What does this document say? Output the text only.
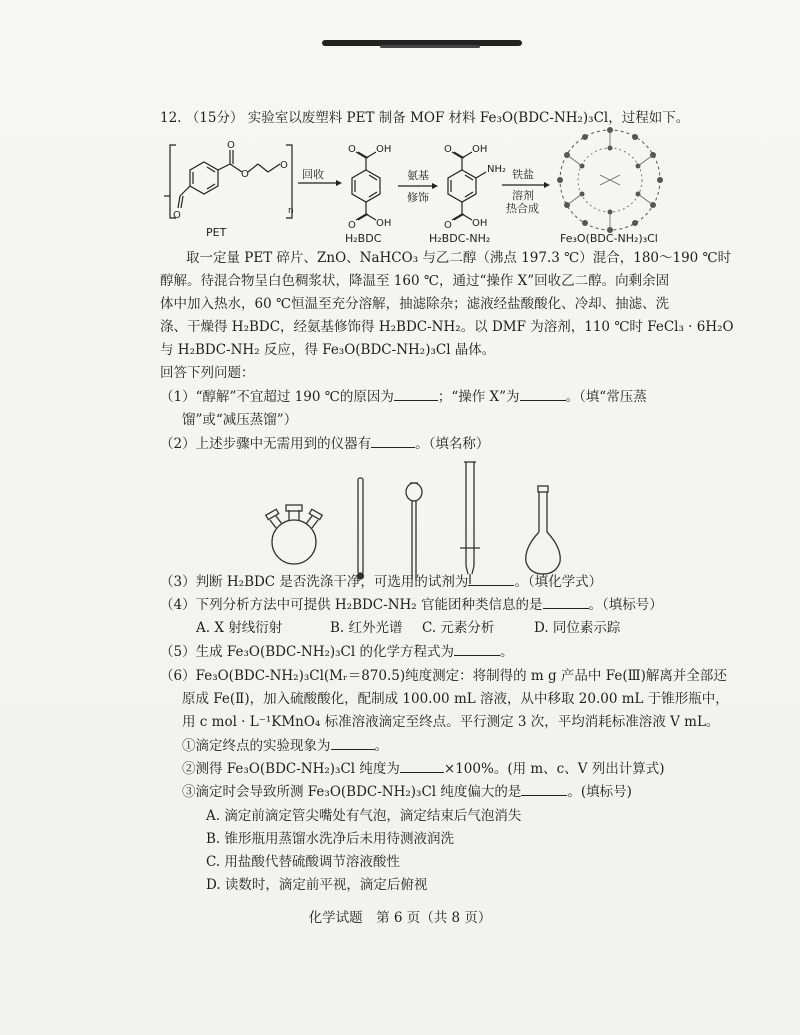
12. （15分） 实验室以废塑料 PET 制备 MOF 材料 Fe₃O(BDC-NH₂)₃Cl，过程如下。
O
O
O
O
O OH
OH
O
O OH
OH
O
PET
n
回收
H₂BDC
氨基
修饰
NH₂
H₂BDC-NH₂
铁盐
溶剂
热合成
Fe₃O(BDC-NH₂)₃Cl
取一定量 PET 碎片、ZnO、NaHCO₃ 与乙二醇（沸点 197.3 ℃）混合，180～190 ℃时
醇解。待混合物呈白色稠浆状，降温至 160 ℃，通过“操作 X”回收乙二醇。向剩余固
体中加入热水，60 ℃恒温至充分溶解，抽滤除杂；滤液经盐酸酸化、冷却、抽滤、洗
涤、干燥得 H₂BDC，经氨基修饰得 H₂BDC-NH₂。以 DMF 为溶剂，110 ℃时 FeCl₃ · 6H₂O
与 H₂BDC-NH₂ 反应，得 Fe₃O(BDC-NH₂)₃Cl 晶体。
回答下列问题：
（1）“醇解”不宜超过 190 ℃的原因为	；“操作 X”为	。（填“常压蒸
馏”或“减压蒸馏”）
（2）上述步骤中无需用到的仪器有	。（填名称）
（3）判断 H₂BDC 是否洗涤干净，可选用的试剂为	。（填化学式）
（4）下列分析方法中可提供 H₂BDC-NH₂ 官能团种类信息的是	。（填标号）
A. X 射线衍射	B. 红外光谱 C. 元素分析	D. 同位素示踪
（5）生成 Fe₃O(BDC-NH₂)₃Cl 的化学方程式为	。
（6）Fe₃O(BDC-NH₂)₃Cl(Mᵣ＝870.5)纯度测定：将制得的 m g 产品中 Fe(Ⅲ)解离并全部还
原成 Fe(Ⅱ)，加入硫酸酸化，配制成 100.00 mL 溶液，从中移取 20.00 mL 于锥形瓶中，
用 c mol · L⁻¹KMnO₄ 标准溶液滴定至终点。平行测定 3 次，平均消耗标准溶液 V mL。
①滴定终点的实验现象为	。
②测得 Fe₃O(BDC-NH₂)₃Cl 纯度为	×100%。(用 m、c、V 列出计算式)
③滴定时会导致所测 Fe₃O(BDC-NH₂)₃Cl 纯度偏大的是	。(填标号)
A. 滴定前滴定管尖嘴处有气泡，滴定结束后气泡消失
B. 锥形瓶用蒸馏水洗净后未用待测液润洗
C. 用盐酸代替硫酸调节溶液酸性
D. 读数时，滴定前平视，滴定后俯视
化学试题　第 6 页（共 8 页）
